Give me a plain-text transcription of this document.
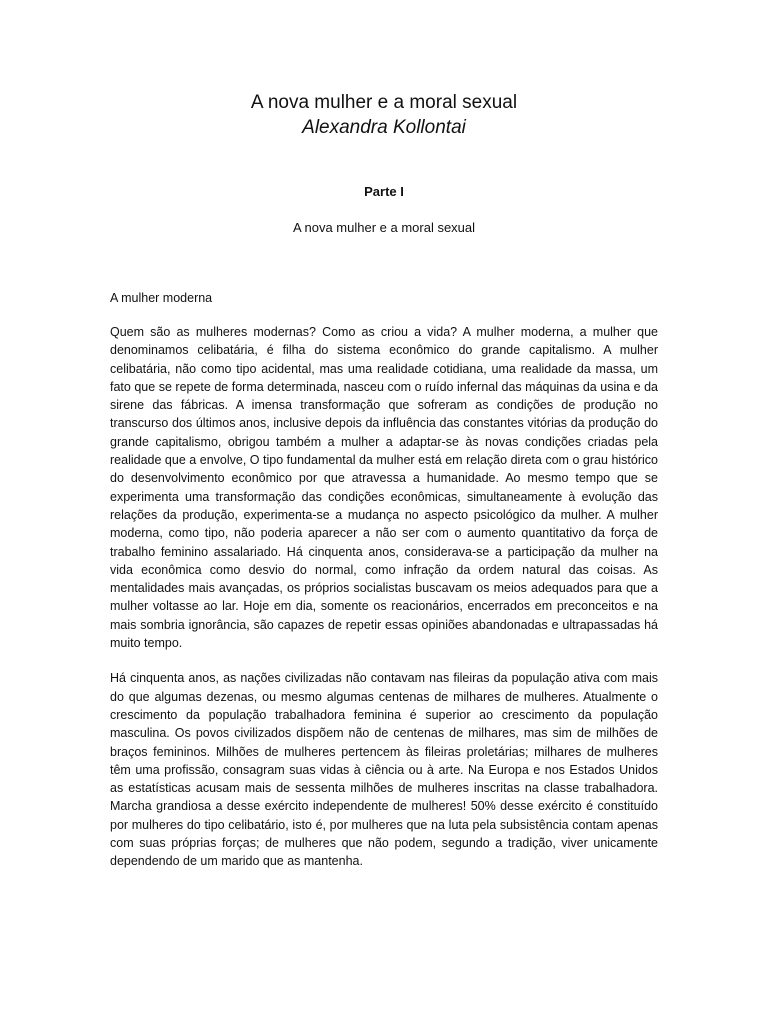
A nova mulher e a moral sexual
Alexandra Kollontai
Parte I
A nova mulher e a moral sexual
A mulher moderna

Quem são as mulheres modernas? Como as criou a vida? A mulher moderna, a mulher que denominamos celibatária, é filha do sistema econômico do grande capitalismo. A mulher celibatária, não como tipo acidental, mas uma realidade cotidiana, uma realidade da massa, um fato que se repete de forma determinada, nasceu com o ruído infernal das máquinas da usina e da sirene das fábricas. A imensa transformação que sofreram as condições de produção no transcurso dos últimos anos, inclusive depois da influência das constantes vitórias da produção do grande capitalismo, obrigou também a mulher a adaptar-se às novas condições criadas pela realidade que a envolve, O tipo fundamental da mulher está em relação direta com o grau histórico do desenvolvimento econômico por que atravessa a humanidade. Ao mesmo tempo que se experimenta uma transformação das condições econômicas, simultaneamente à evolução das relações da produção, experimenta-se a mudança no aspecto psicológico da mulher. A mulher moderna, como tipo, não poderia aparecer a não ser com o aumento quantitativo da força de trabalho feminino assalariado. Há cinquenta anos, considerava-se a participação da mulher na vida econômica como desvio do normal, como infração da ordem natural das coisas. As mentalidades mais avançadas, os próprios socialistas buscavam os meios adequados para que a mulher voltasse ao lar. Hoje em dia, somente os reacionários, encerrados em preconceitos e na mais sombria ignorância, são capazes de repetir essas opiniões abandonadas e ultrapassadas há muito tempo.

Há cinquenta anos, as nações civilizadas não contavam nas fileiras da população ativa com mais do que algumas dezenas, ou mesmo algumas centenas de milhares de mulheres. Atualmente o crescimento da população trabalhadora feminina é superior ao crescimento da população masculina. Os povos civilizados dispõem não de centenas de milhares, mas sim de milhões de braços femininos. Milhões de mulheres pertencem às fileiras proletárias; milhares de mulheres têm uma profissão, consagram suas vidas à ciência ou à arte. Na Europa e nos Estados Unidos as estatísticas acusam mais de sessenta milhões de mulheres inscritas na classe trabalhadora. Marcha grandiosa a desse exército independente de mulheres! 50% desse exército é constituído por mulheres do tipo celibatário, isto é, por mulheres que na luta pela subsistência contam apenas com suas próprias forças; de mulheres que não podem, segundo a tradição, viver unicamente dependendo de um marido que as mantenha.
